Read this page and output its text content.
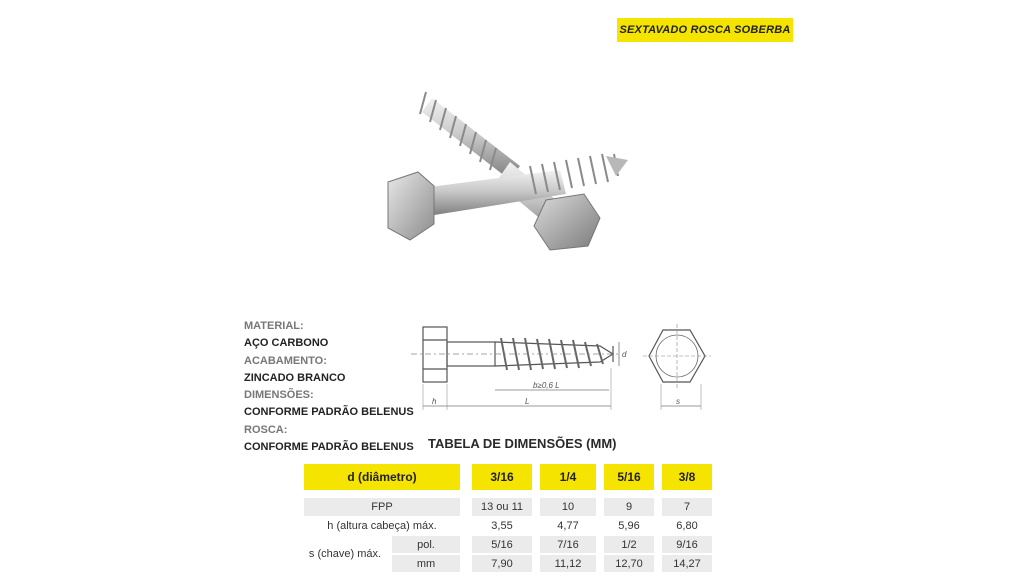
SEXTAVADO ROSCA SOBERBA
MATERIAL:
AÇO CARBONO
ACABAMENTO:
ZINCADO BRANCO
DIMENSÕES:
CONFORME PADRÃO BELENUS
ROSCA:
CONFORME PADRÃO BELENUS
d
b≥0,6 L
h	L	s
TABELA DE DIMENSÕES (MM)
d (diâmetro)	3/16	1/4	5/16	3/8
FPP	13 ou 11	10	9	7
h (altura cabeça) máx.	3,55	4,77	5,96	6,80
s (chave) máx.
pol.	5/16	7/16	1/2	9/16
mm	7,90	11,12	12,70	14,27
